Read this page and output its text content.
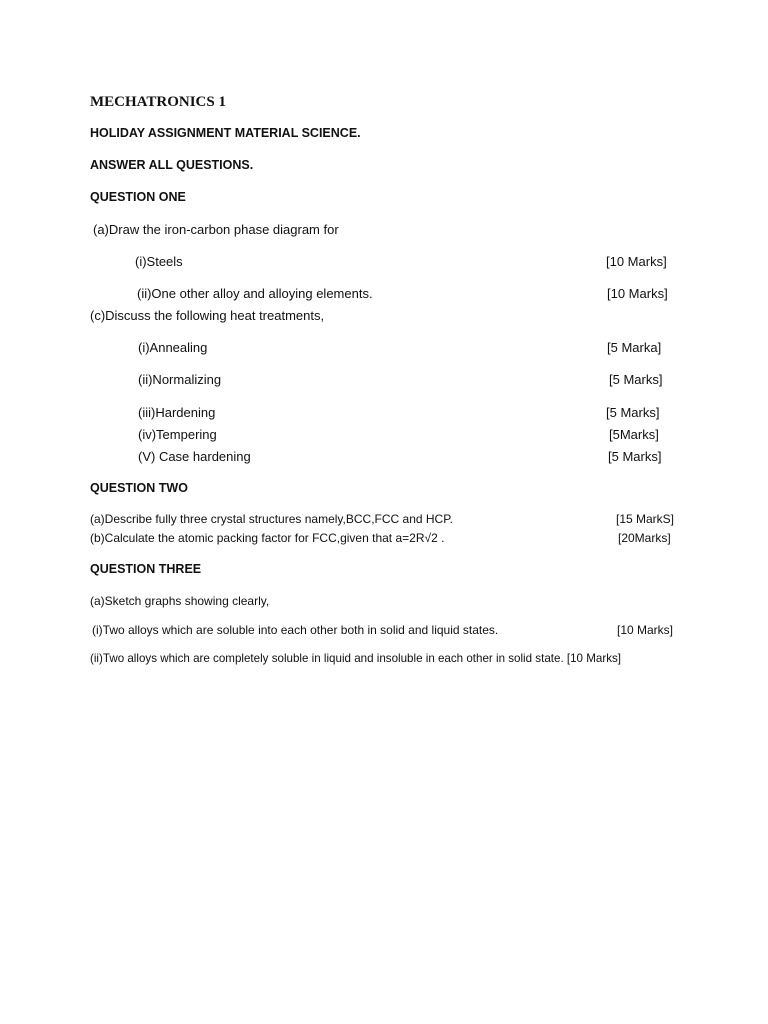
MECHATRONICS 1
HOLIDAY ASSIGNMENT MATERIAL SCIENCE.
ANSWER ALL QUESTIONS.
QUESTION ONE
(a)Draw the iron-carbon phase diagram for
(i)Steels	[10 Marks]
(ii)One other alloy and alloying elements.	[10 Marks]
(c)Discuss the following heat treatments,
(i)Annealing	[5 Marka]
(ii)Normalizing	[5 Marks]
(iii)Hardening	[5 Marks]
(iv)Tempering	[5Marks]
(V) Case hardening	[5 Marks]
QUESTION TWO
(a)Describe fully three crystal structures namely,BCC,FCC and HCP.	[15 MarkS]
(b)Calculate the atomic packing factor for FCC,given that a=2R√2 .	[20Marks]
QUESTION THREE
(a)Sketch graphs showing clearly,
(i)Two alloys which are soluble into each other both in solid and liquid states.	[10 Marks]
(ii)Two alloys which are completely soluble in liquid and insoluble in each other in solid state. [10 Marks]
